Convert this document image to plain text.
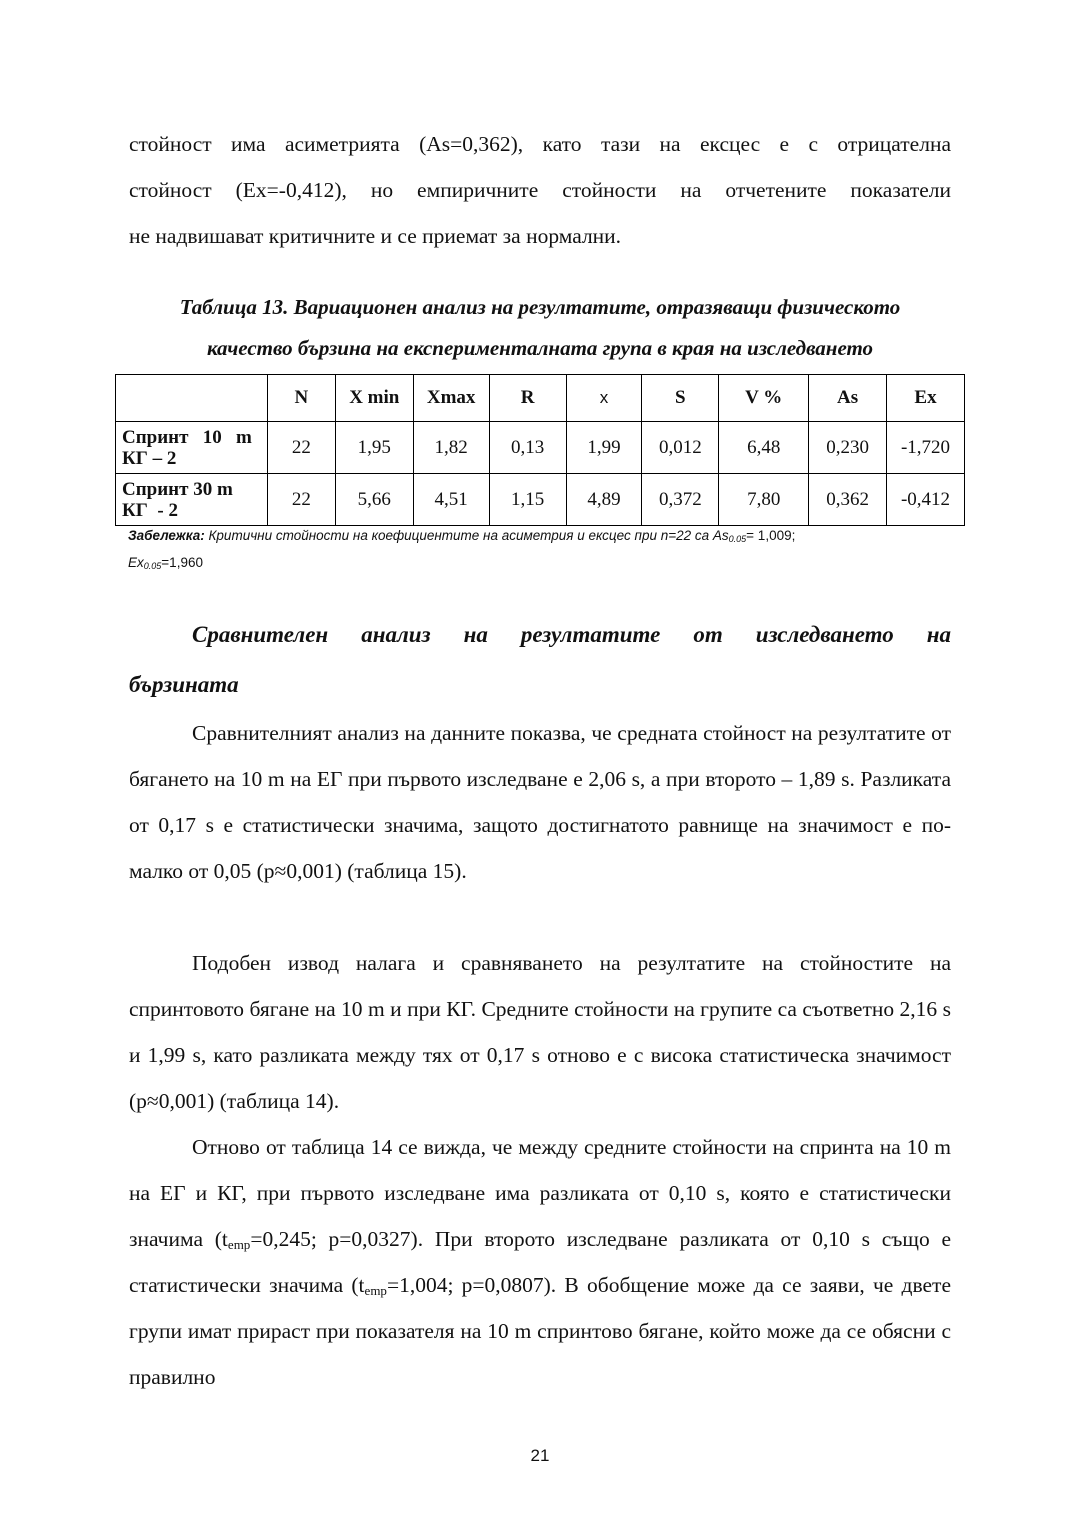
стойност има асиметрията (As=0,362), като тази на ексцес е с отрицателна
стойност (Ex=-0,412), но емпиричните стойности на отчетените показатели
не надвишават критичните и се приемат за нормални.

Таблица 13. Вариационен анализ на резултатите, отразяващи физическото
качество бързина на експерименталната група в края на изследването

	N	X min	Xmax	R	x	S	V %	As	Ex

Спринт   10   m
КГ – 2	22	1,95	1,82	0,13	1,99	0,012	6,48	0,230	-1,720

Спринт 30 m
КГ  - 2	22	5,66	4,51	1,15	4,89	0,372	7,80	0,362	-0,412

Забележка: Критични стойности на коефициентите на асиметрия и ексцес при n=22 са $As_{0.05}= 1,009$;
$Ex_{0.05}=1,960$

Сравнителен анализ на резултатите от изследването на
бързината

Сравнителният анализ на данните показва, че средната стойност на резултатите от бягането на 10 m на ЕГ при първото изследване е 2,06 s, а при второто – 1,89 s. Разликата от 0,17 s е статистически значима, защото достигнатото равнище на значимост е по-малко от 0,05 (p≈0,001) (таблица 15).

Подобен извод налага и сравняването на резултатите на стойностите на спринтовото бягане на 10 m и при КГ. Средните стойности на групите са съответно 2,16 s и 1,99 s, като разликата между тях от 0,17 s отново е с висока статистическа значимост (p≈0,001) (таблица 14).

Отново от таблица 14 се вижда, че между средните стойности на спринта на 10 m на ЕГ и КГ, при първото изследване има разликата от 0,10 s, която е статистически значима ($t_{emp}=0,245$; p=0,0327). При второто изследване разликата от 0,10 s също е статистически значима ($t_{emp}=1,004$; p=0,0807). В обобщение може да се заяви, че двете групи имат прираст при показателя на 10 m спринтово бягане, който може да се обясни с правилно

21
